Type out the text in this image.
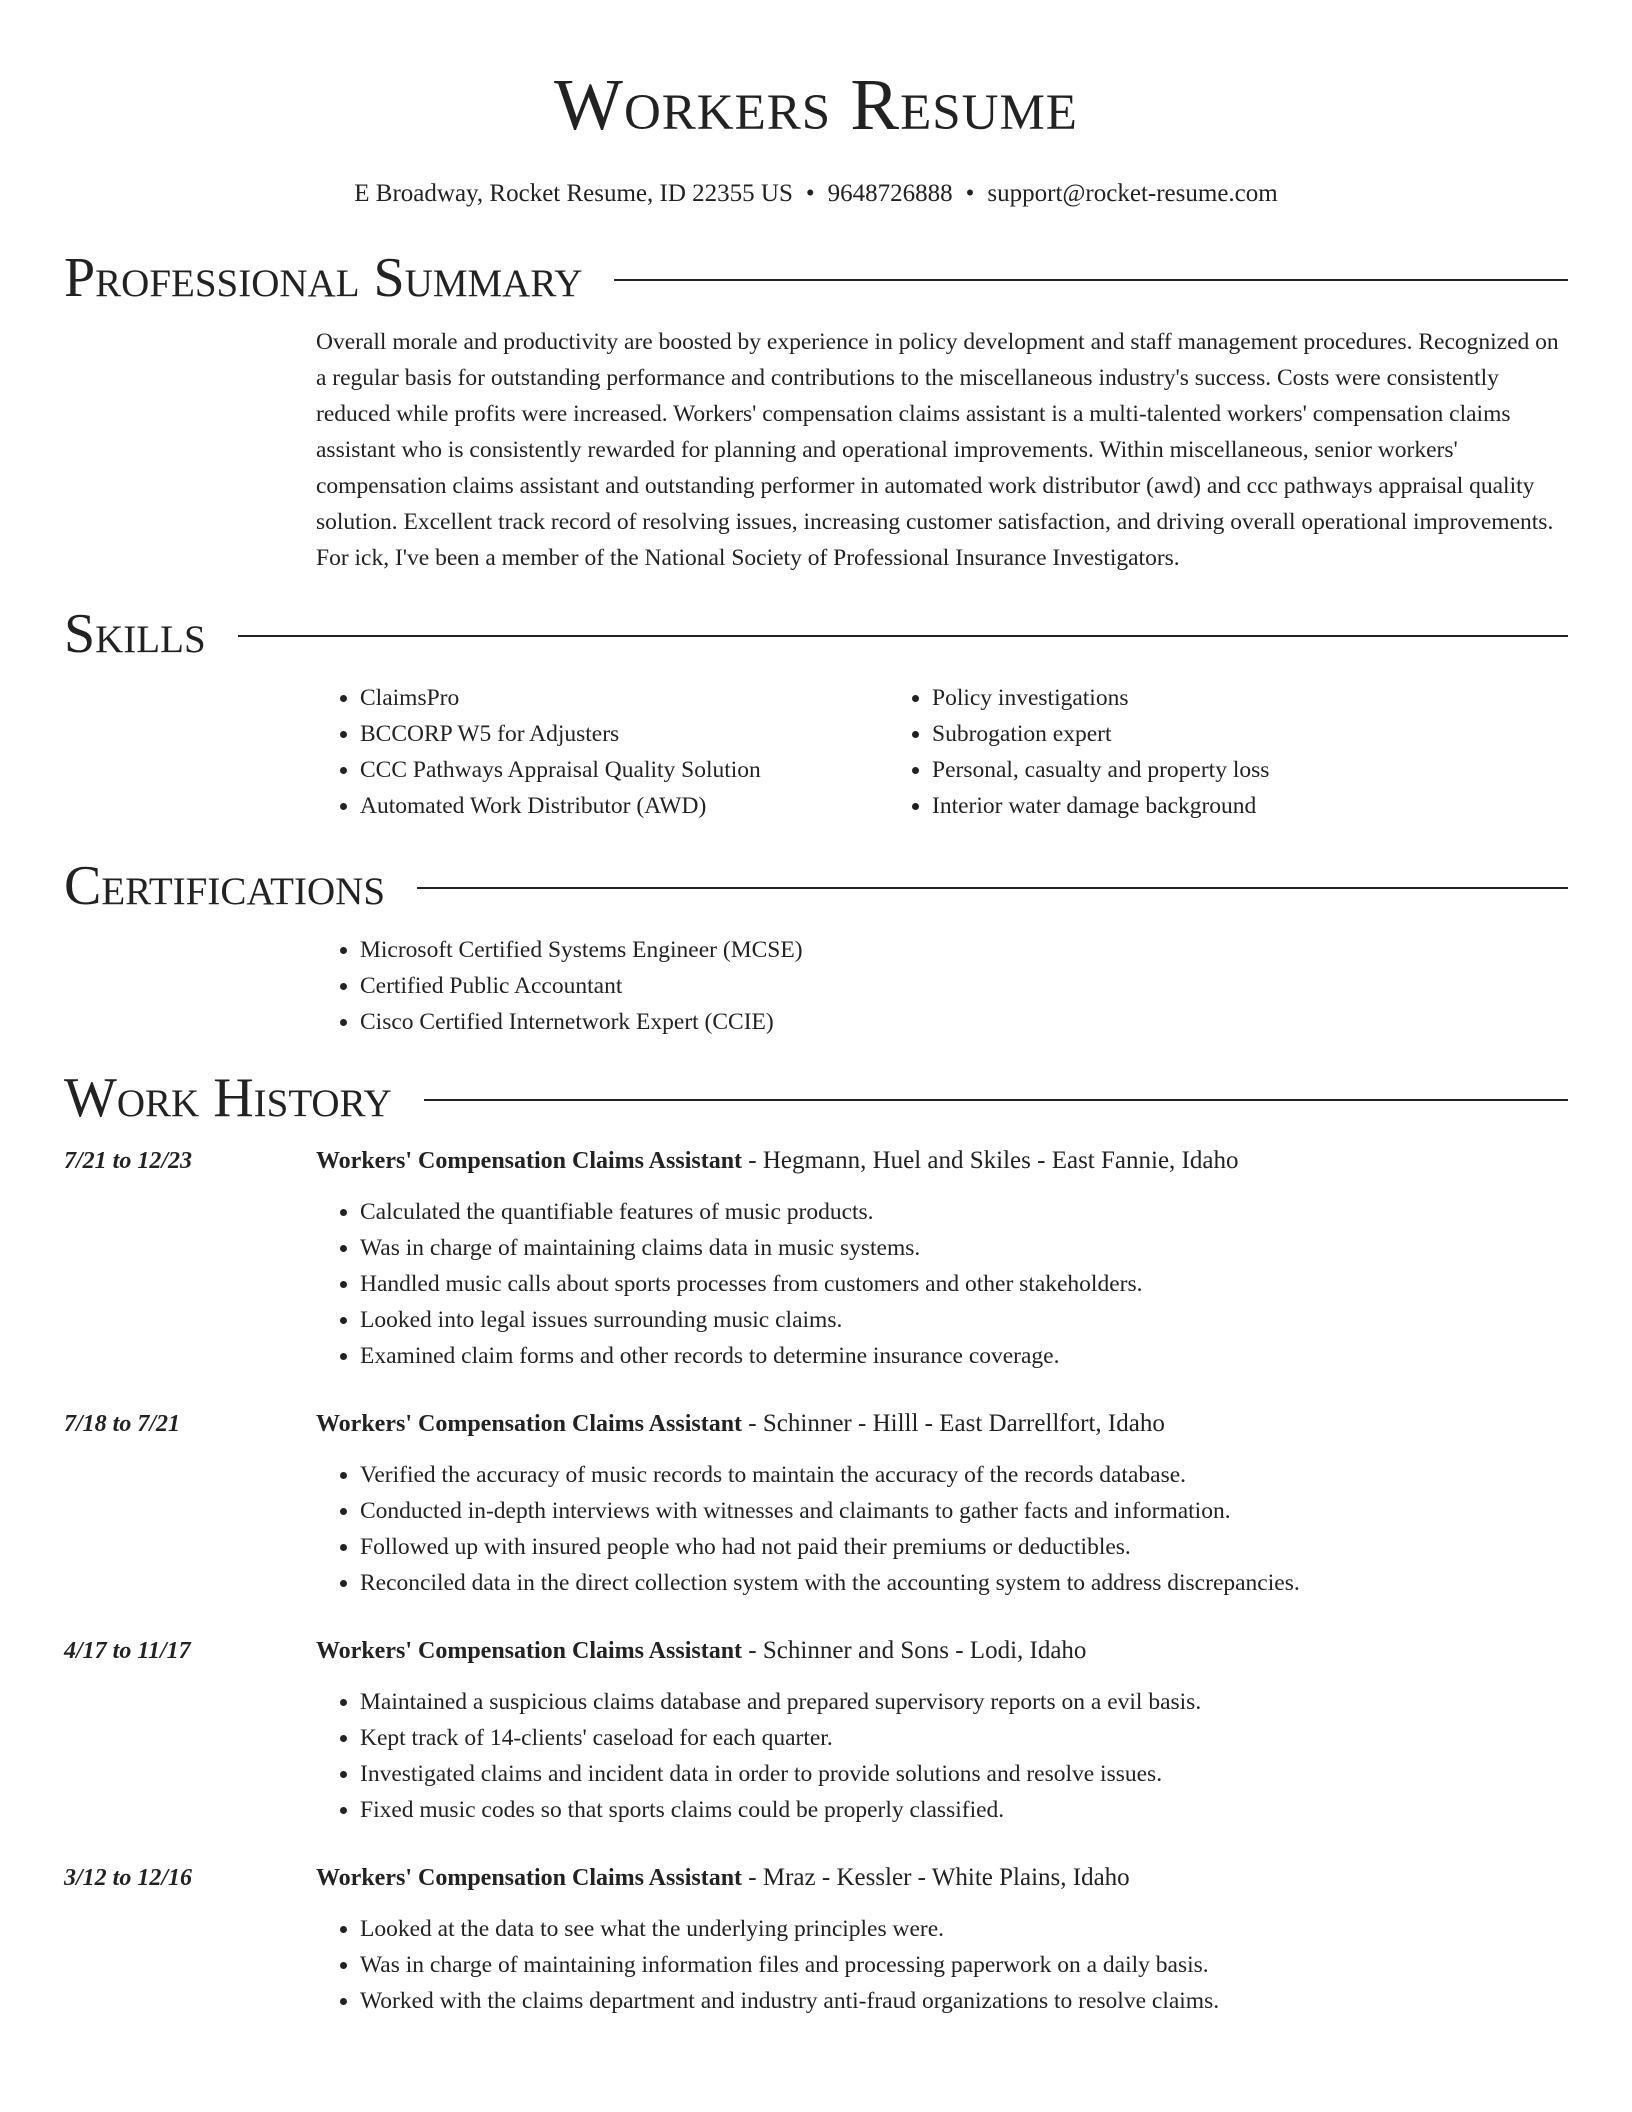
Workers Resume
E Broadway, Rocket Resume, ID 22355 US • 9648726888 • support@rocket-resume.com
Professional Summary
Overall morale and productivity are boosted by experience in policy development and staff management procedures. Recognized on a regular basis for outstanding performance and contributions to the miscellaneous industry's success. Costs were consistently reduced while profits were increased. Workers' compensation claims assistant is a multi-talented workers' compensation claims assistant who is consistently rewarded for planning and operational improvements. Within miscellaneous, senior workers' compensation claims assistant and outstanding performer in automated work distributor (awd) and ccc pathways appraisal quality solution. Excellent track record of resolving issues, increasing customer satisfaction, and driving overall operational improvements. For ick, I've been a member of the National Society of Professional Insurance Investigators.
Skills
• ClaimsPro
• BCCORP W5 for Adjusters
• CCC Pathways Appraisal Quality Solution
• Automated Work Distributor (AWD)
• Policy investigations
• Subrogation expert
• Personal, casualty and property loss
• Interior water damage background
Certifications
• Microsoft Certified Systems Engineer (MCSE)
• Certified Public Accountant
• Cisco Certified Internetwork Expert (CCIE)
Work History
7/21 to 12/23	Workers' Compensation Claims Assistant - Hegmann, Huel and Skiles - East Fannie, Idaho
• Calculated the quantifiable features of music products.
• Was in charge of maintaining claims data in music systems.
• Handled music calls about sports processes from customers and other stakeholders.
• Looked into legal issues surrounding music claims.
• Examined claim forms and other records to determine insurance coverage.
7/18 to 7/21	Workers' Compensation Claims Assistant - Schinner - Hilll - East Darrellfort, Idaho
• Verified the accuracy of music records to maintain the accuracy of the records database.
• Conducted in-depth interviews with witnesses and claimants to gather facts and information.
• Followed up with insured people who had not paid their premiums or deductibles.
• Reconciled data in the direct collection system with the accounting system to address discrepancies.
4/17 to 11/17	Workers' Compensation Claims Assistant - Schinner and Sons - Lodi, Idaho
• Maintained a suspicious claims database and prepared supervisory reports on a evil basis.
• Kept track of 14-clients' caseload for each quarter.
• Investigated claims and incident data in order to provide solutions and resolve issues.
• Fixed music codes so that sports claims could be properly classified.
3/12 to 12/16	Workers' Compensation Claims Assistant - Mraz - Kessler - White Plains, Idaho
• Looked at the data to see what the underlying principles were.
• Was in charge of maintaining information files and processing paperwork on a daily basis.
• Worked with the claims department and industry anti-fraud organizations to resolve claims.
